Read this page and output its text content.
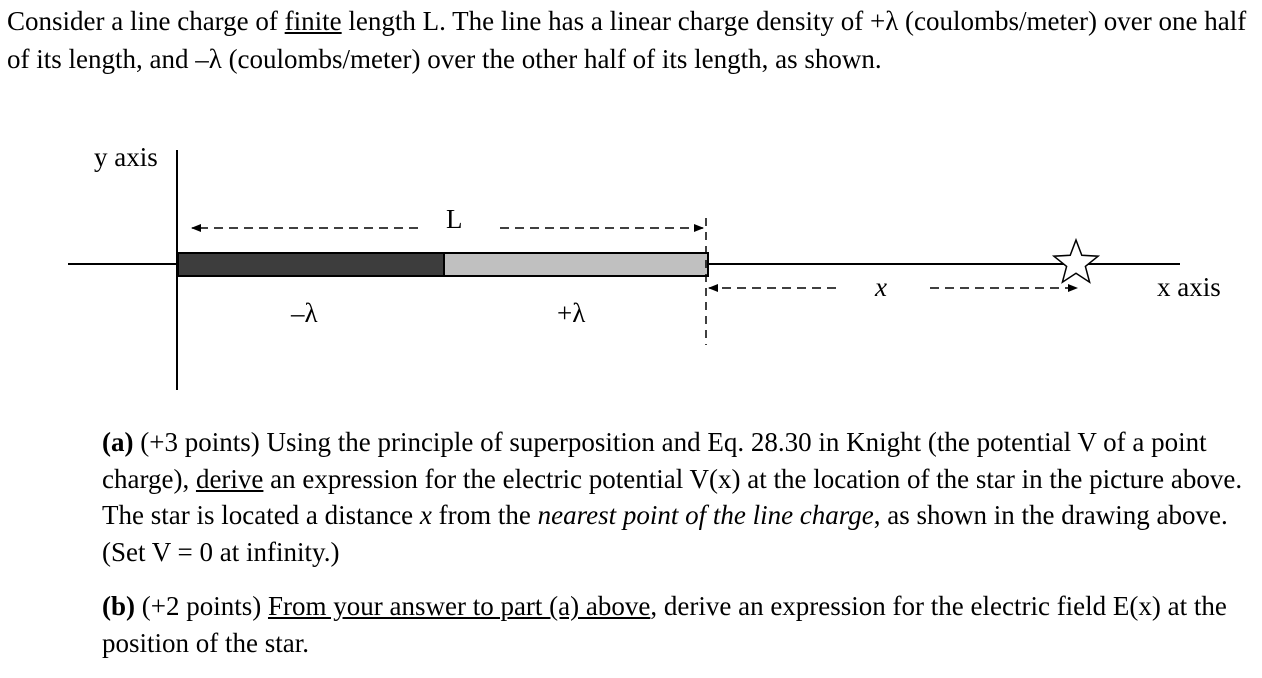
Consider a line charge of finite length L. The line has a linear charge density of +λ (coulombs/meter) over one half of its length, and –λ (coulombs/meter) over the other half of its length, as shown.

y axis
x axis
L
x
–λ	+λ

(a) (+3 points) Using the principle of superposition and Eq. 28.30 in Knight (the potential V of a point charge), derive an expression for the electric potential V(x) at the location of the star in the picture above. The star is located a distance x from the nearest point of the line charge, as shown in the drawing above. (Set V = 0 at infinity.)

(b) (+2 points) From your answer to part (a) above, derive an expression for the electric field E(x) at the position of the star.
